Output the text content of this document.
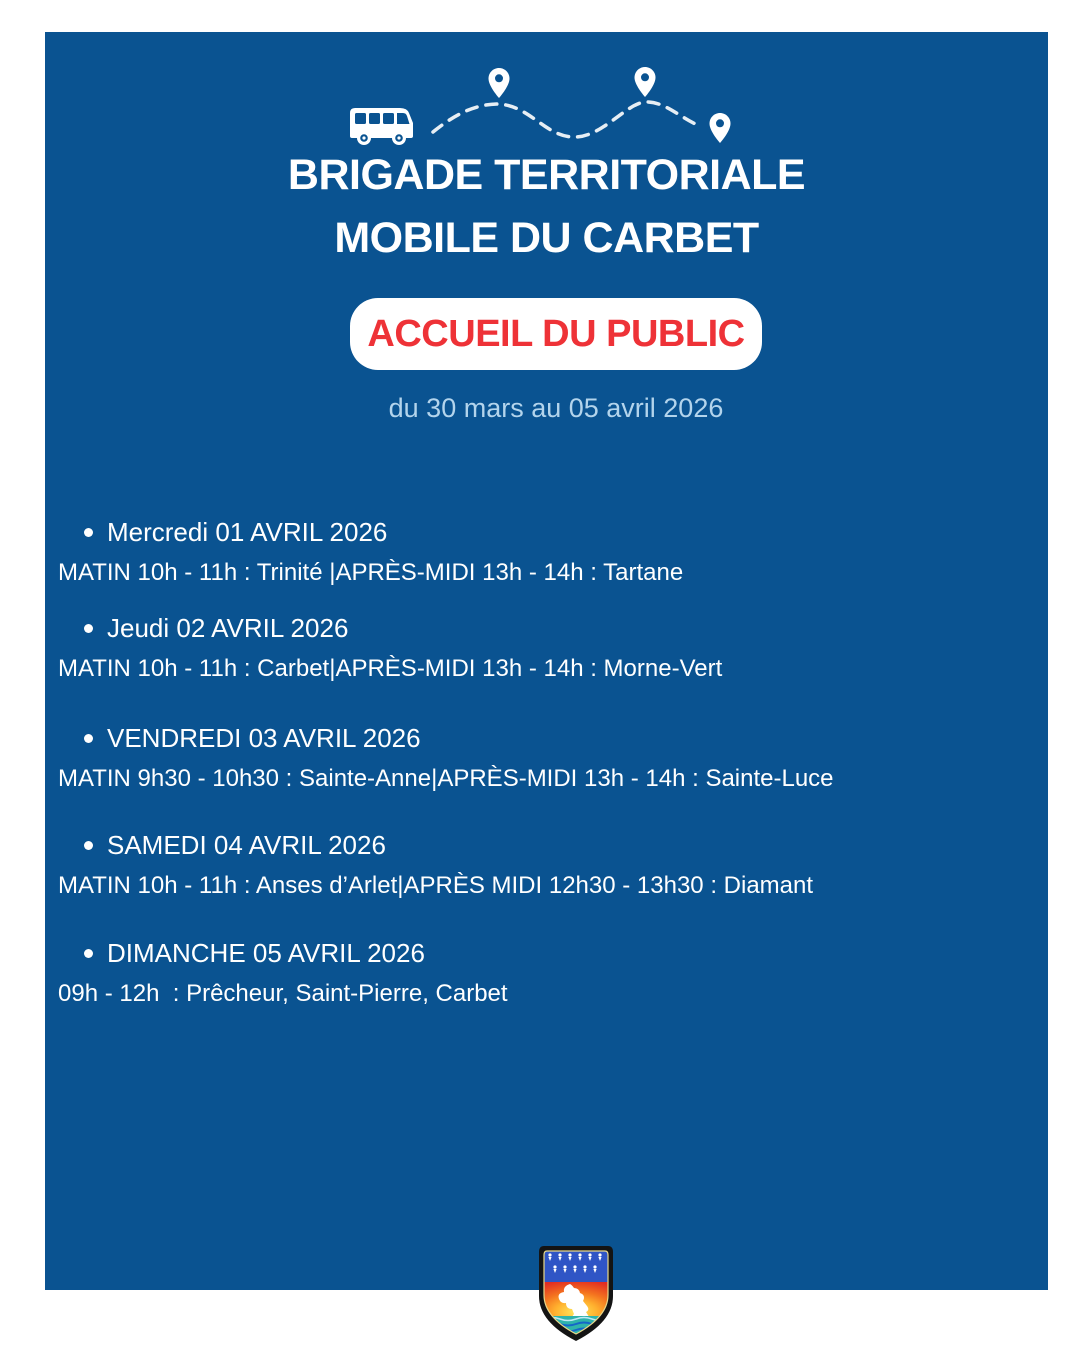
BRIGADE TERRITORIALE
MOBILE DU CARBET
ACCUEIL DU PUBLIC
du 30 mars au 05 avril 2026
Mercredi 01 AVRIL 2026
MATIN 10h - 11h : Trinité |APRÈS-MIDI 13h - 14h : Tartane
Jeudi 02 AVRIL 2026
MATIN 10h - 11h : Carbet|APRÈS-MIDI 13h - 14h : Morne-Vert
VENDREDI 03 AVRIL 2026
MATIN 9h30 - 10h30 : Sainte-Anne|APRÈS-MIDI 13h - 14h : Sainte-Luce
SAMEDI 04 AVRIL 2026
MATIN 10h - 11h : Anses d’Arlet|APRÈS MIDI 12h30 - 13h30 : Diamant
DIMANCHE 05 AVRIL 2026
09h - 12h  : Prêcheur, Saint-Pierre, Carbet
